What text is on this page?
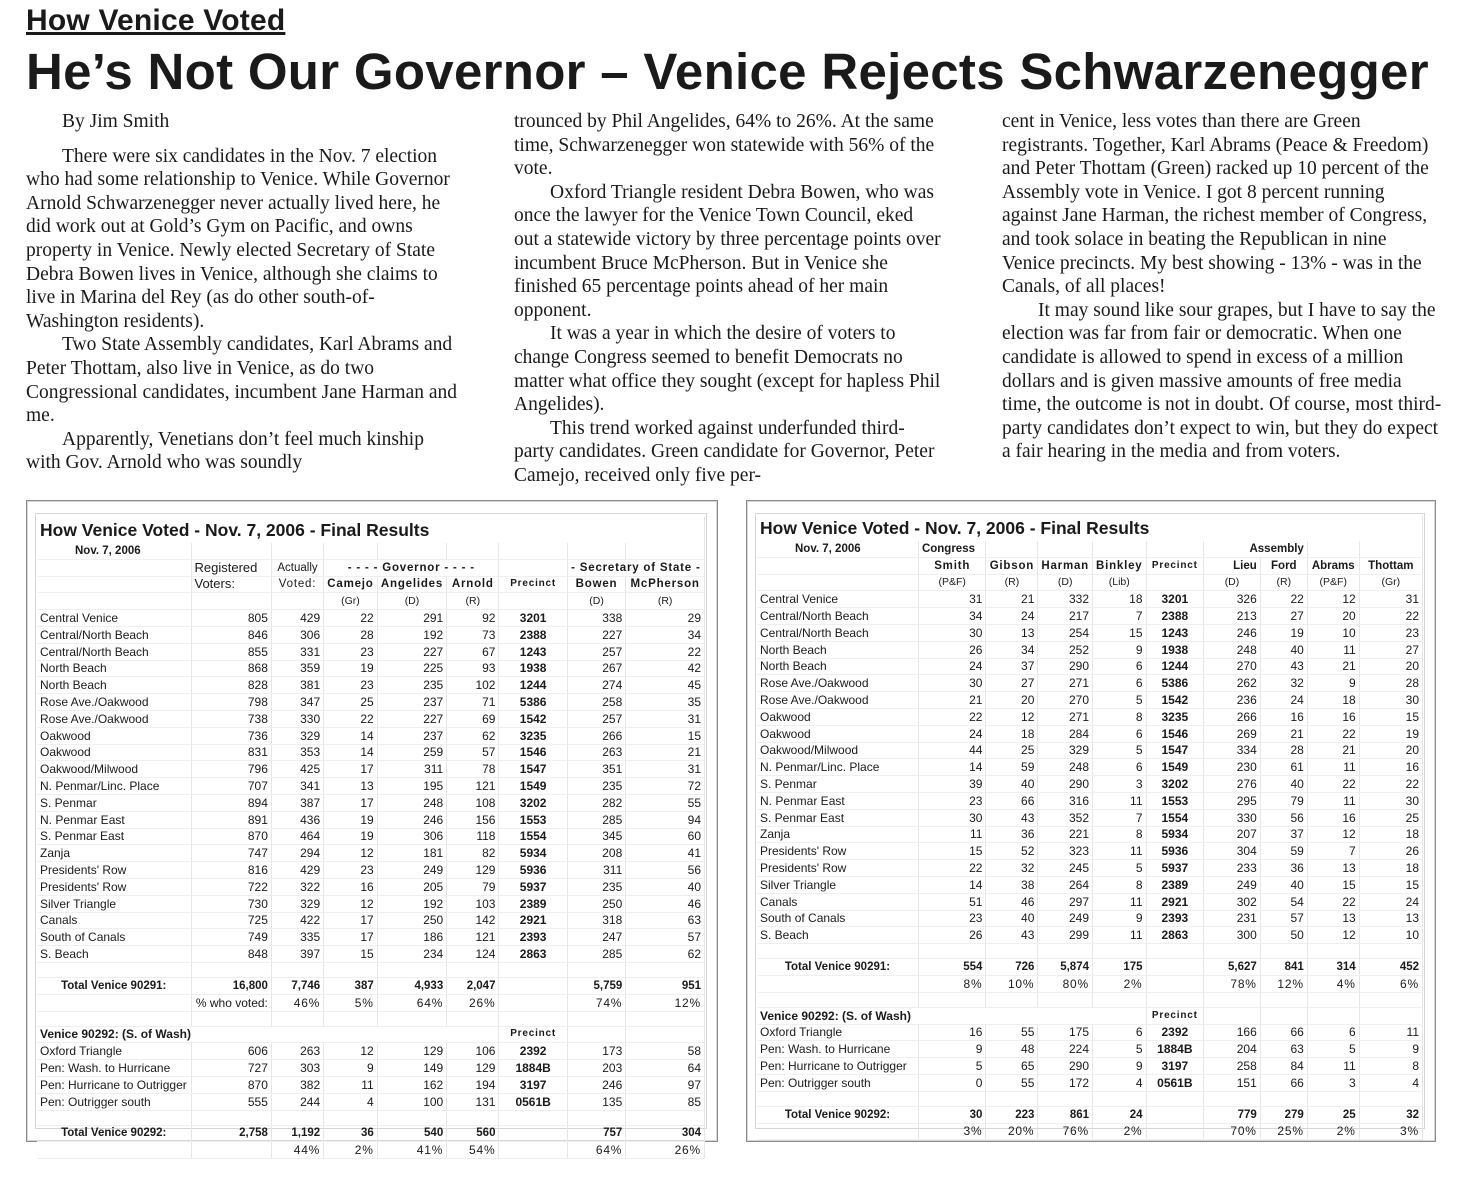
How Venice Voted
He’s Not Our Governor – Venice Rejects Schwarzenegger

By Jim Smith

There were six candidates in the Nov. 7 election who had some relationship to Venice. While Governor Arnold Schwarzenegger never actually lived here, he did work out at Gold’s Gym on Pacific, and owns property in Venice. Newly elected Secretary of State Debra Bowen lives in Venice, although she claims to live in Marina del Rey (as do other south-of-Washington residents).

Two State Assembly candidates, Karl Abrams and Peter Thottam, also live in Venice, as do two Congressional candidates, incumbent Jane Harman and me.

Apparently, Venetians don’t feel much kinship with Gov. Arnold who was soundly

trounced by Phil Angelides, 64% to 26%. At the same time, Schwarzenegger won statewide with 56% of the vote.

Oxford Triangle resident Debra Bowen, who was once the lawyer for the Venice Town Council, eked out a statewide victory by three percentage points over incumbent Bruce McPherson. But in Venice she finished 65 percentage points ahead of her main opponent.

It was a year in which the desire of voters to change Congress seemed to benefit Democrats no matter what office they sought (except for hapless Phil Angelides).

This trend worked against underfunded third-party candidates. Green candidate for Governor, Peter Camejo, received only five per-

cent in Venice, less votes than there are Green registrants. Together, Karl Abrams (Peace & Freedom) and Peter Thottam (Green) racked up 10 percent of the Assembly vote in Venice. I got 8 percent running against Jane Harman, the richest member of Congress, and took solace in beating the Republican in nine Venice precincts. My best showing - 13% - was in the Canals, of all places!

It may sound like sour grapes, but I have to say the election was far from fair or democratic. When one candidate is allowed to spend in excess of a million dollars and is given massive amounts of free media time, the outcome is not in doubt. Of course, most third-party candidates don’t expect to win, but they do expect a fair hearing in the media and from voters.

How Venice Voted - Nov. 7, 2006 - Final Results								
Nov. 7, 2006								
	Registered	Actually	- - - - Governor - - - -				- Secretary of State -	
	Voters:	Voted:	Camejo	Angelides	Arnold	Precinct	Bowen	McPherson
			(Gr)	(D)	(R)		(D)	(R)
Central Venice	805	429	22	291	92	3201	338	29
Central/North Beach	846	306	28	192	73	2388	227	34
Central/North Beach	855	331	23	227	67	1243	257	22
North Beach	868	359	19	225	93	1938	267	42
North Beach	828	381	23	235	102	1244	274	45
Rose Ave./Oakwood	798	347	25	237	71	5386	258	35
Rose Ave./Oakwood	738	330	22	227	69	1542	257	31
Oakwood	736	329	14	237	62	3235	266	15
Oakwood	831	353	14	259	57	1546	263	21
Oakwood/Milwood	796	425	17	311	78	1547	351	31
N. Penmar/Linc. Place	707	341	13	195	121	1549	235	72
S. Penmar	894	387	17	248	108	3202	282	55
N. Penmar East	891	436	19	246	156	1553	285	94
S. Penmar East	870	464	19	306	118	1554	345	60
Zanja	747	294	12	181	82	5934	208	41
Presidents' Row	816	429	23	249	129	5936	311	56
Presidents' Row	722	322	16	205	79	5937	235	40
Silver Triangle	730	329	12	192	103	2389	250	46
Canals	725	422	17	250	142	2921	318	63
South of Canals	749	335	17	186	121	2393	247	57
S. Beach	848	397	15	234	124	2863	285	62

Total Venice 90291:	16,800	7,746	387	4,933	2,047		5,759	951
	% who voted:	46%	5%	64%	26%		74%	12%

Venice 90292: (S. of Wash)						Precinct		
Oxford Triangle	606	263	12	129	106	2392	173	58
Pen: Wash. to Hurricane	727	303	9	149	129	1884B	203	64
Pen: Hurricane to Outrigger	870	382	11	162	194	3197	246	97
Pen: Outrigger south	555	244	4	100	131	0561B	135	85

Total Venice 90292:	2,758	1,192	36	540	560		757	304
		44%	2%	41%	54%		64%	26%
How Venice Voted - Nov. 7, 2006 - Final Results									
Nov. 7, 2006	Congress					Assembly			
	Smith	Gibson	Harman	Binkley	Precinct	Lieu	Ford	Abrams	Thottam
	(P&F)	(R)	(D)	(Lib)		(D)	(R)	(P&F)	(Gr)
Central Venice	31	21	332	18	3201	326	22	12	31
Central/North Beach	34	24	217	7	2388	213	27	20	22
Central/North Beach	30	13	254	15	1243	246	19	10	23
North Beach	26	34	252	9	1938	248	40	11	27
North Beach	24	37	290	6	1244	270	43	21	20
Rose Ave./Oakwood	30	27	271	6	5386	262	32	9	28
Rose Ave./Oakwood	21	20	270	5	1542	236	24	18	30
Oakwood	22	12	271	8	3235	266	16	16	15
Oakwood	24	18	284	6	1546	269	21	22	19
Oakwood/Milwood	44	25	329	5	1547	334	28	21	20
N. Penmar/Linc. Place	14	59	248	6	1549	230	61	11	16
S. Penmar	39	40	290	3	3202	276	40	22	22
N. Penmar East	23	66	316	11	1553	295	79	11	30
S. Penmar East	30	43	352	7	1554	330	56	16	25
Zanja	11	36	221	8	5934	207	37	12	18
Presidents' Row	15	52	323	11	5936	304	59	7	26
Presidents' Row	22	32	245	5	5937	233	36	13	18
Silver Triangle	14	38	264	8	2389	249	40	15	15
Canals	51	46	297	11	2921	302	54	22	24
South of Canals	23	40	249	9	2393	231	57	13	13
S. Beach	26	43	299	11	2863	300	50	12	10

Total Venice 90291:	554	726	5,874	175		5,627	841	314	452
	8%	10%	80%	2%		78%	12%	4%	6%

Venice 90292: (S. of Wash)					Precinct				
Oxford Triangle	16	55	175	6	2392	166	66	6	11
Pen: Wash. to Hurricane	9	48	224	5	1884B	204	63	5	9
Pen: Hurricane to Outrigger	5	65	290	9	3197	258	84	11	8
Pen: Outrigger south	0	55	172	4	0561B	151	66	3	4

Total Venice 90292:	30	223	861	24		779	279	25	32
	3%	20%	76%	2%		70%	25%	2%	3%
